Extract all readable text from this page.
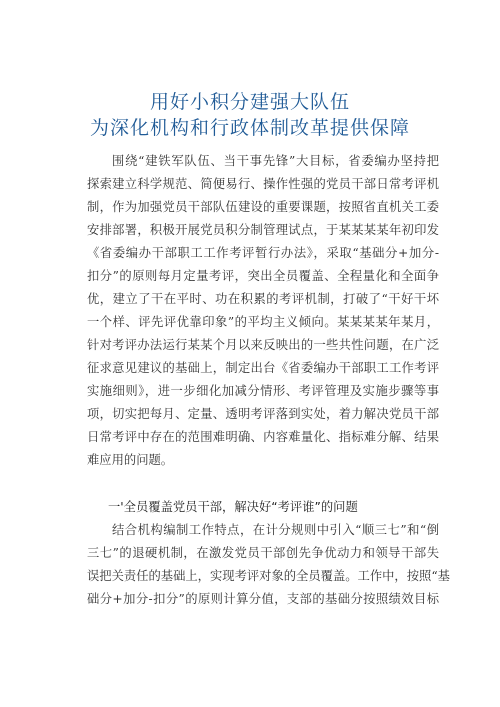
用好小积分建强大队伍
为深化机构和行政体制改革提供保障
围绕“建铁军队伍、当干事先锋”大目标，省委编办坚持把
探索建立科学规范、简便易行、操作性强的党员干部日常考评机
制，作为加强党员干部队伍建设的重要课题，按照省直机关工委
安排部署，积极开展党员积分制管理试点，于某某某某年初印发
《省委编办干部职工工作考评暂行办法》，采取“基础分+加分-
扣分”的原则每月定量考评，突出全员覆盖、全程量化和全面争
优，建立了干在平时、功在积累的考评机制，打破了“干好干坏
一个样、评先评优靠印象”的平均主义倾向。某某某某年某月，
针对考评办法运行某某个月以来反映出的一些共性问题，在广泛
征求意见建议的基础上，制定出台《省委编办干部职工工作考评
实施细则》，进一步细化加减分情形、考评管理及实施步骤等事
项，切实把每月、定量、透明考评落到实处，着力解决党员干部
日常考评中存在的范围难明确、内容难量化、指标难分解、结果
难应用的问题。
一'全员覆盖党员干部，解决好“考评谁”的问题
结合机构编制工作特点，在计分规则中引入“顺三七”和“倒
三七”的退硬机制，在激发党员干部创先争优动力和领导干部失
误把关责任的基础上，实现考评对象的全员覆盖。工作中，按照“基
础分+加分-扣分”的原则计算分值，支部的基础分按照绩效目标
